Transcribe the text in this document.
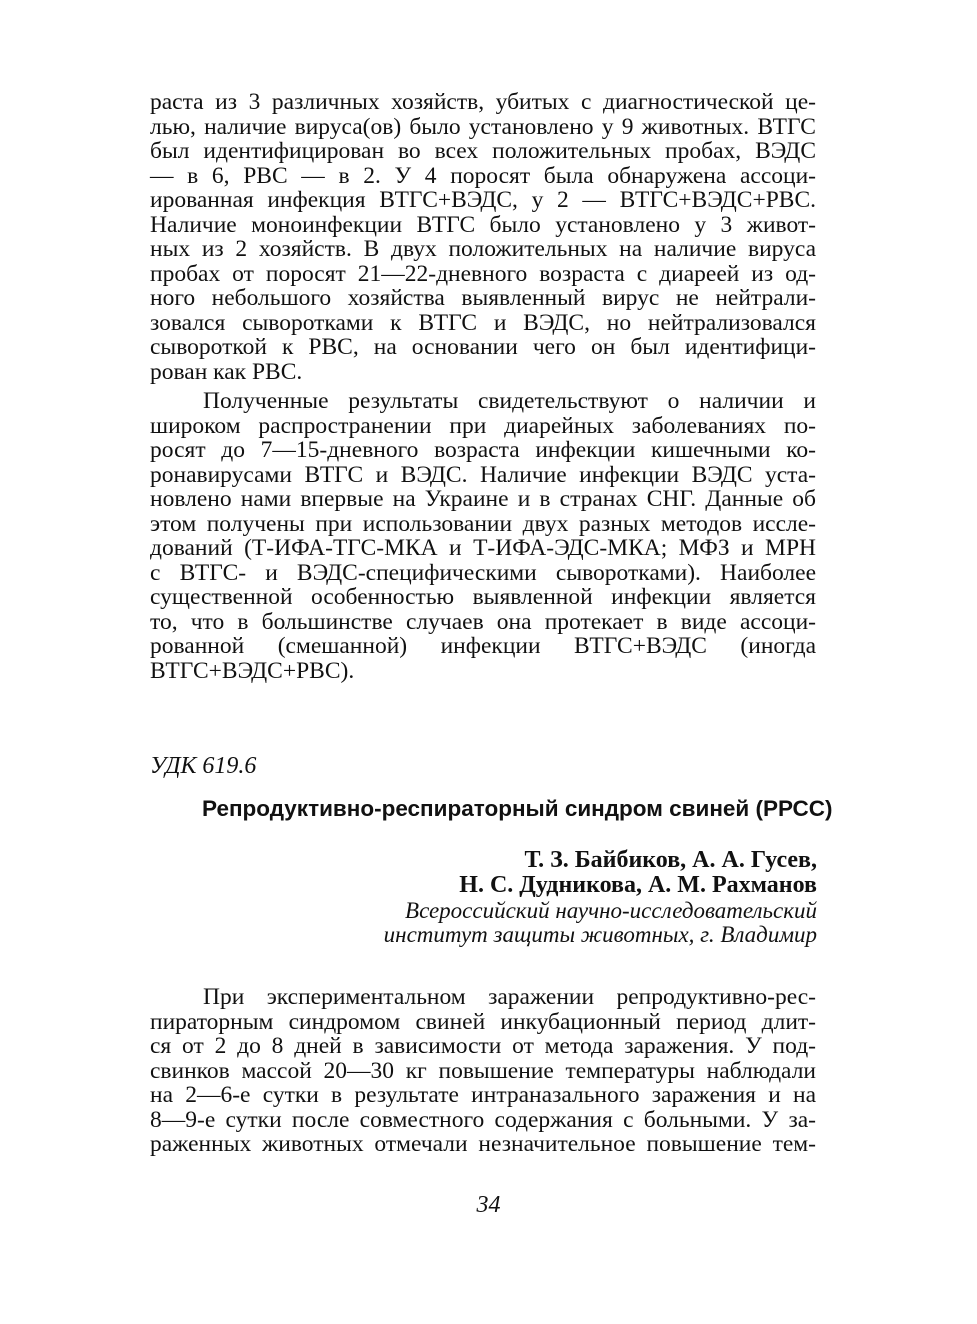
раста из 3 различных хозяйств, убитых с диагностической це-
лью, наличие вируса(ов) было установлено у 9 животных. ВТГС
был идентифицирован во всех положительных пробах, ВЭДС
— в 6, РВС — в 2. У 4 поросят была обнаружена ассоци-
ированная инфекция ВТГС+ВЭДС, у 2 — ВТГС+ВЭДС+РВС.
Наличие моноинфекции ВТГС было установлено у 3 живот-
ных из 2 хозяйств. В двух положительных на наличие вируса
пробах от поросят 21—22-дневного возраста с диареей из од-
ного небольшого хозяйства выявленный вирус не нейтрали-
зовался сыворотками к ВТГС и ВЭДС, но нейтрализовался
сывороткой к РВС, на основании чего он был идентифици-
рован как РВС.
Полученные результаты свидетельствуют о наличии и
широком распространении при диарейных заболеваниях по-
росят до 7—15-дневного возраста инфекции кишечными ко-
ронавирусами ВТГС и ВЭДС. Наличие инфекции ВЭДС уста-
новлено нами впервые на Украине и в странах СНГ. Данные об
этом получены при использовании двух разных методов иссле-
дований (Т-ИФА-ТГС-МКА и Т-ИФА-ЭДС-МКА; МФЗ и МРН
с ВТГС- и ВЭДС-специфическими сыворотками). Наиболее
существенной особенностью выявленной инфекции является
то, что в большинстве случаев она протекает в виде ассоци-
рованной (смешанной) инфекции ВТГС+ВЭДС (иногда
ВТГС+ВЭДС+РВС).
УДК 619.6
Репродуктивно-респираторный синдром свиней (РРСС)
Т. З. Байбиков, А. А. Гусев,
Н. С. Дудникова, А. М. Рахманов
Всероссийский научно-исследовательский
институт защиты животных, г. Владимир
При экспериментальном заражении репродуктивно-рес-
пираторным синдромом свиней инкубационный период длит-
ся от 2 до 8 дней в зависимости от метода заражения. У под-
свинков массой 20—30 кг повышение температуры наблюдали
на 2—6-е сутки в результате интраназального заражения и на
8—9-е сутки после совместного содержания с больными. У за-
раженных животных отмечали незначительное повышение тем-
34
